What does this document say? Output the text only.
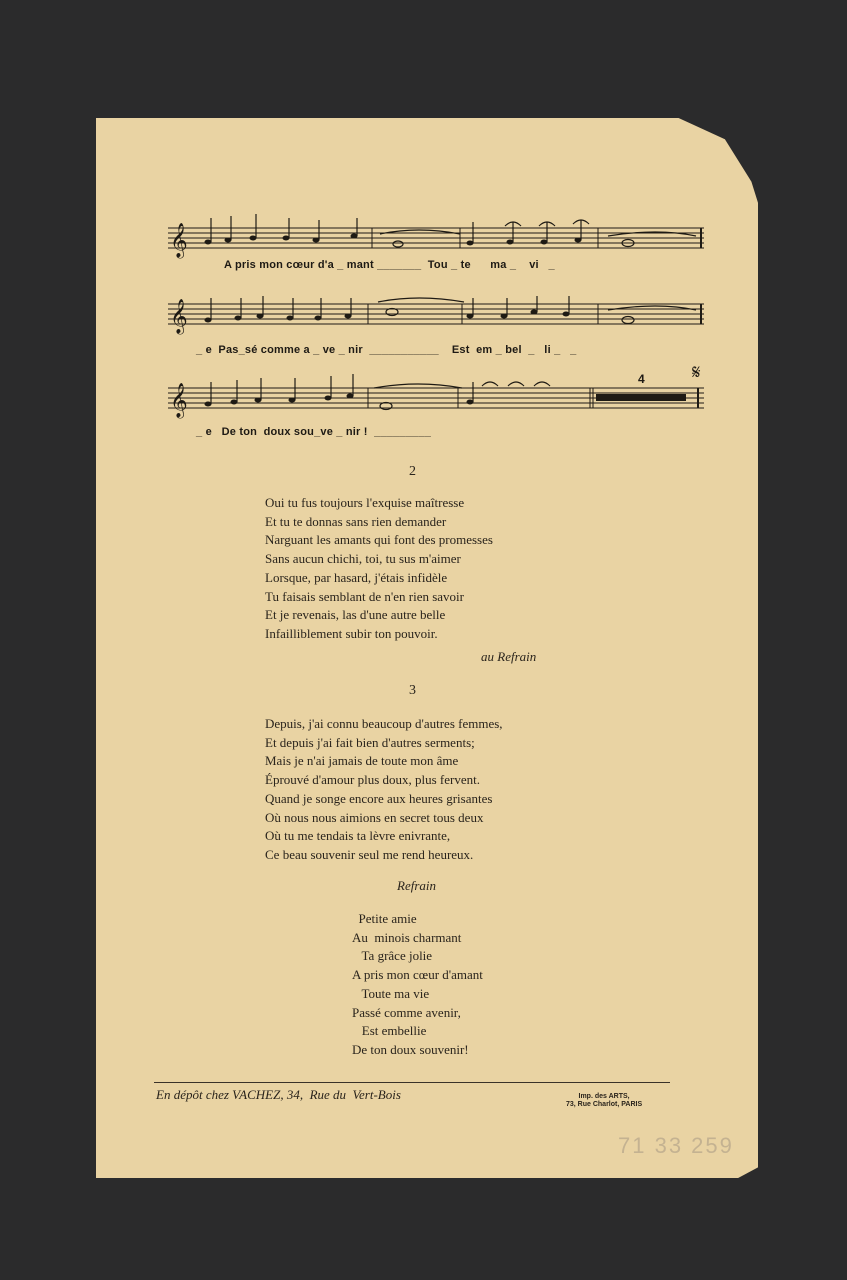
𝄞
A pris mon cœur d'a _ mant _______  Tou _ te      ma _    vi   _
𝄞
_ e  Pas_sé comme a _ ve _ nir  ___________    Est  em _ bel  _   li _   _
𝄞
4 𝄋
_ e   De ton  doux sou_ve _ nir !  _________
2
Oui tu fus toujours l'exquise maîtresse
Et tu te donnas sans rien demander
Narguant les amants qui font des promesses
Sans aucun chichi, toi, tu sus m'aimer
Lorsque, par hasard, j'étais infidèle
Tu faisais semblant de n'en rien savoir
Et je revenais, las d'une autre belle
Infailliblement subir ton pouvoir.
au Refrain
3
Depuis, j'ai connu beaucoup d'autres femmes,
Et depuis j'ai fait bien d'autres serments;
Mais je n'ai jamais de toute mon âme
Éprouvé d'amour plus doux, plus fervent.
Quand je songe encore aux heures grisantes
Où nous nous aimions en secret tous deux
Où tu me tendais ta lèvre enivrante,
Ce beau souvenir seul me rend heureux.
Refrain
Petite amie
Au  minois charmant
Ta grâce jolie
A pris mon cœur d'amant
Toute ma vie
Passé comme avenir,
Est embellie
De ton doux souvenir!
En dépôt chez VACHEZ, 34,  Rue du  Vert-Bois	Imp. des ARTS,
73, Rue Charlot, PARIS
71 33 259
